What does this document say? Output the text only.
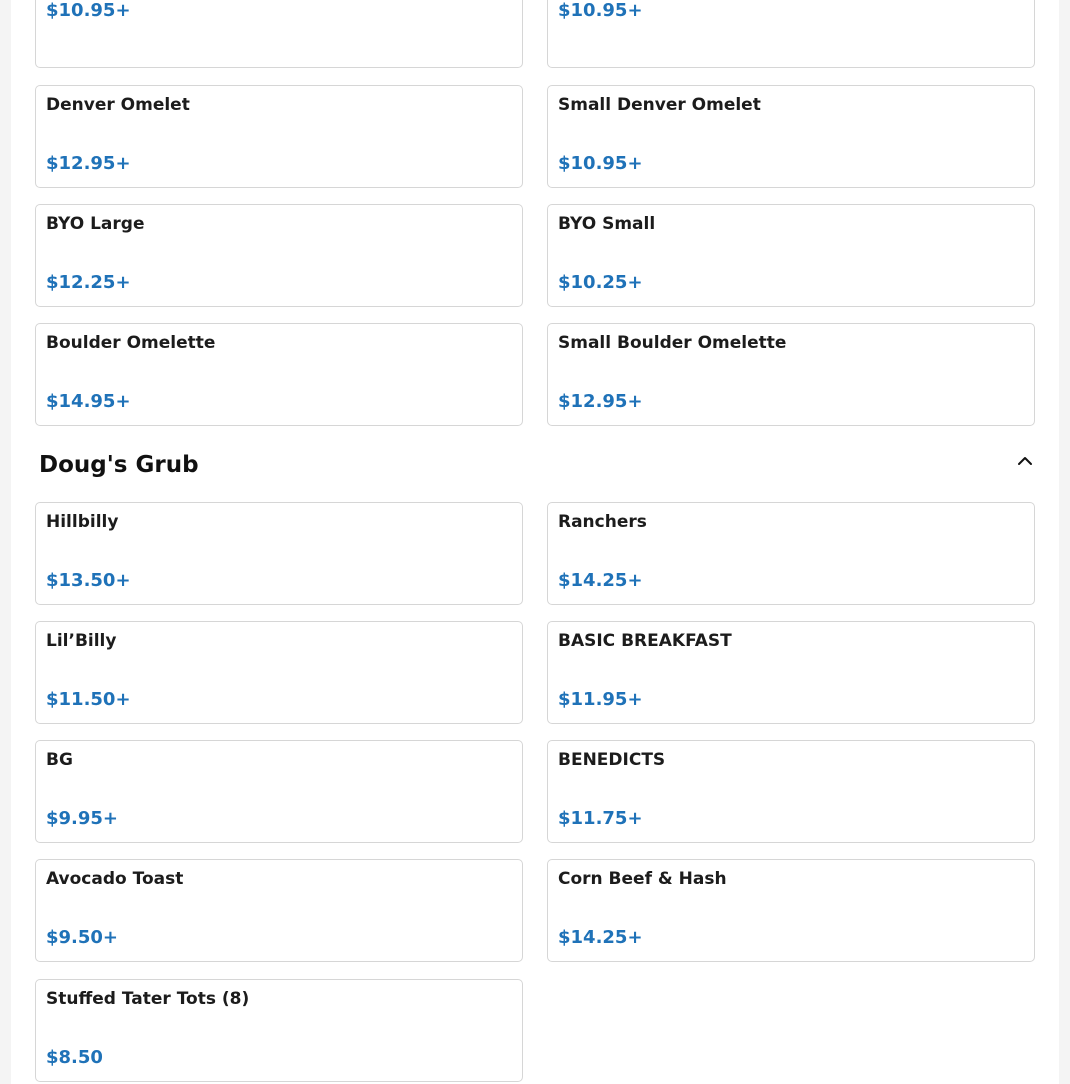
$10.95+	$10.95+
Denver Omelet
$12.95+
Small Denver Omelet
$10.95+
BYO Large
$12.25+
BYO Small
$10.25+
Boulder Omelette
$14.95+
Small Boulder Omelette
$12.95+
Doug's Grub
Hillbilly
$13.50+
Ranchers
$14.25+
Lil’Billy
$11.50+
BASIC BREAKFAST
$11.95+
BG
$9.95+
BENEDICTS
$11.75+
Avocado Toast
$9.50+
Corn Beef & Hash
$14.25+
Stuffed Tater Tots (8)
$8.50
